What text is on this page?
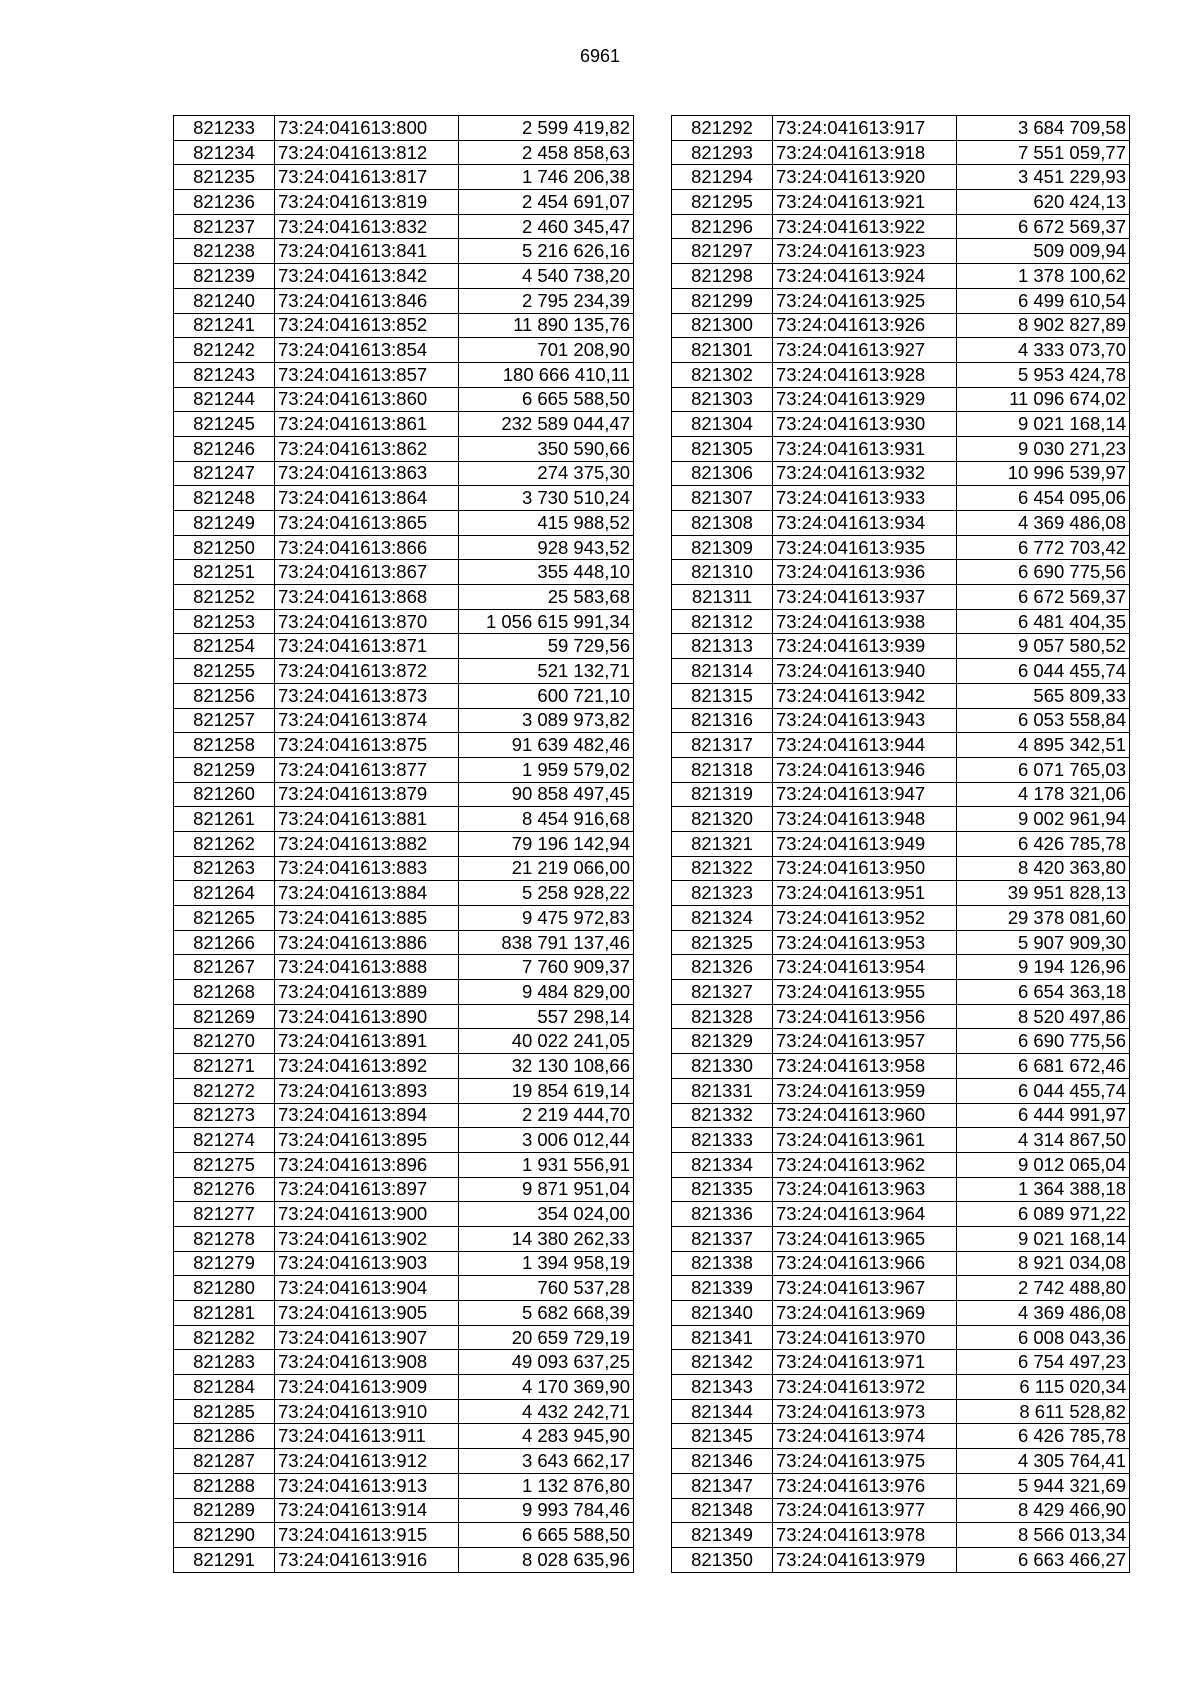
6961
821233	73:24:041613:800	2 599 419,82
821234	73:24:041613:812	2 458 858,63
821235	73:24:041613:817	1 746 206,38
821236	73:24:041613:819	2 454 691,07
821237	73:24:041613:832	2 460 345,47
821238	73:24:041613:841	5 216 626,16
821239	73:24:041613:842	4 540 738,20
821240	73:24:041613:846	2 795 234,39
821241	73:24:041613:852	11 890 135,76
821242	73:24:041613:854	701 208,90
821243	73:24:041613:857	180 666 410,11
821244	73:24:041613:860	6 665 588,50
821245	73:24:041613:861	232 589 044,47
821246	73:24:041613:862	350 590,66
821247	73:24:041613:863	274 375,30
821248	73:24:041613:864	3 730 510,24
821249	73:24:041613:865	415 988,52
821250	73:24:041613:866	928 943,52
821251	73:24:041613:867	355 448,10
821252	73:24:041613:868	25 583,68
821253	73:24:041613:870	1 056 615 991,34
821254	73:24:041613:871	59 729,56
821255	73:24:041613:872	521 132,71
821256	73:24:041613:873	600 721,10
821257	73:24:041613:874	3 089 973,82
821258	73:24:041613:875	91 639 482,46
821259	73:24:041613:877	1 959 579,02
821260	73:24:041613:879	90 858 497,45
821261	73:24:041613:881	8 454 916,68
821262	73:24:041613:882	79 196 142,94
821263	73:24:041613:883	21 219 066,00
821264	73:24:041613:884	5 258 928,22
821265	73:24:041613:885	9 475 972,83
821266	73:24:041613:886	838 791 137,46
821267	73:24:041613:888	7 760 909,37
821268	73:24:041613:889	9 484 829,00
821269	73:24:041613:890	557 298,14
821270	73:24:041613:891	40 022 241,05
821271	73:24:041613:892	32 130 108,66
821272	73:24:041613:893	19 854 619,14
821273	73:24:041613:894	2 219 444,70
821274	73:24:041613:895	3 006 012,44
821275	73:24:041613:896	1 931 556,91
821276	73:24:041613:897	9 871 951,04
821277	73:24:041613:900	354 024,00
821278	73:24:041613:902	14 380 262,33
821279	73:24:041613:903	1 394 958,19
821280	73:24:041613:904	760 537,28
821281	73:24:041613:905	5 682 668,39
821282	73:24:041613:907	20 659 729,19
821283	73:24:041613:908	49 093 637,25
821284	73:24:041613:909	4 170 369,90
821285	73:24:041613:910	4 432 242,71
821286	73:24:041613:911	4 283 945,90
821287	73:24:041613:912	3 643 662,17
821288	73:24:041613:913	1 132 876,80
821289	73:24:041613:914	9 993 784,46
821290	73:24:041613:915	6 665 588,50
821291	73:24:041613:916	8 028 635,96
821292	73:24:041613:917	3 684 709,58
821293	73:24:041613:918	7 551 059,77
821294	73:24:041613:920	3 451 229,93
821295	73:24:041613:921	620 424,13
821296	73:24:041613:922	6 672 569,37
821297	73:24:041613:923	509 009,94
821298	73:24:041613:924	1 378 100,62
821299	73:24:041613:925	6 499 610,54
821300	73:24:041613:926	8 902 827,89
821301	73:24:041613:927	4 333 073,70
821302	73:24:041613:928	5 953 424,78
821303	73:24:041613:929	11 096 674,02
821304	73:24:041613:930	9 021 168,14
821305	73:24:041613:931	9 030 271,23
821306	73:24:041613:932	10 996 539,97
821307	73:24:041613:933	6 454 095,06
821308	73:24:041613:934	4 369 486,08
821309	73:24:041613:935	6 772 703,42
821310	73:24:041613:936	6 690 775,56
821311	73:24:041613:937	6 672 569,37
821312	73:24:041613:938	6 481 404,35
821313	73:24:041613:939	9 057 580,52
821314	73:24:041613:940	6 044 455,74
821315	73:24:041613:942	565 809,33
821316	73:24:041613:943	6 053 558,84
821317	73:24:041613:944	4 895 342,51
821318	73:24:041613:946	6 071 765,03
821319	73:24:041613:947	4 178 321,06
821320	73:24:041613:948	9 002 961,94
821321	73:24:041613:949	6 426 785,78
821322	73:24:041613:950	8 420 363,80
821323	73:24:041613:951	39 951 828,13
821324	73:24:041613:952	29 378 081,60
821325	73:24:041613:953	5 907 909,30
821326	73:24:041613:954	9 194 126,96
821327	73:24:041613:955	6 654 363,18
821328	73:24:041613:956	8 520 497,86
821329	73:24:041613:957	6 690 775,56
821330	73:24:041613:958	6 681 672,46
821331	73:24:041613:959	6 044 455,74
821332	73:24:041613:960	6 444 991,97
821333	73:24:041613:961	4 314 867,50
821334	73:24:041613:962	9 012 065,04
821335	73:24:041613:963	1 364 388,18
821336	73:24:041613:964	6 089 971,22
821337	73:24:041613:965	9 021 168,14
821338	73:24:041613:966	8 921 034,08
821339	73:24:041613:967	2 742 488,80
821340	73:24:041613:969	4 369 486,08
821341	73:24:041613:970	6 008 043,36
821342	73:24:041613:971	6 754 497,23
821343	73:24:041613:972	6 115 020,34
821344	73:24:041613:973	8 611 528,82
821345	73:24:041613:974	6 426 785,78
821346	73:24:041613:975	4 305 764,41
821347	73:24:041613:976	5 944 321,69
821348	73:24:041613:977	8 429 466,90
821349	73:24:041613:978	8 566 013,34
821350	73:24:041613:979	6 663 466,27
